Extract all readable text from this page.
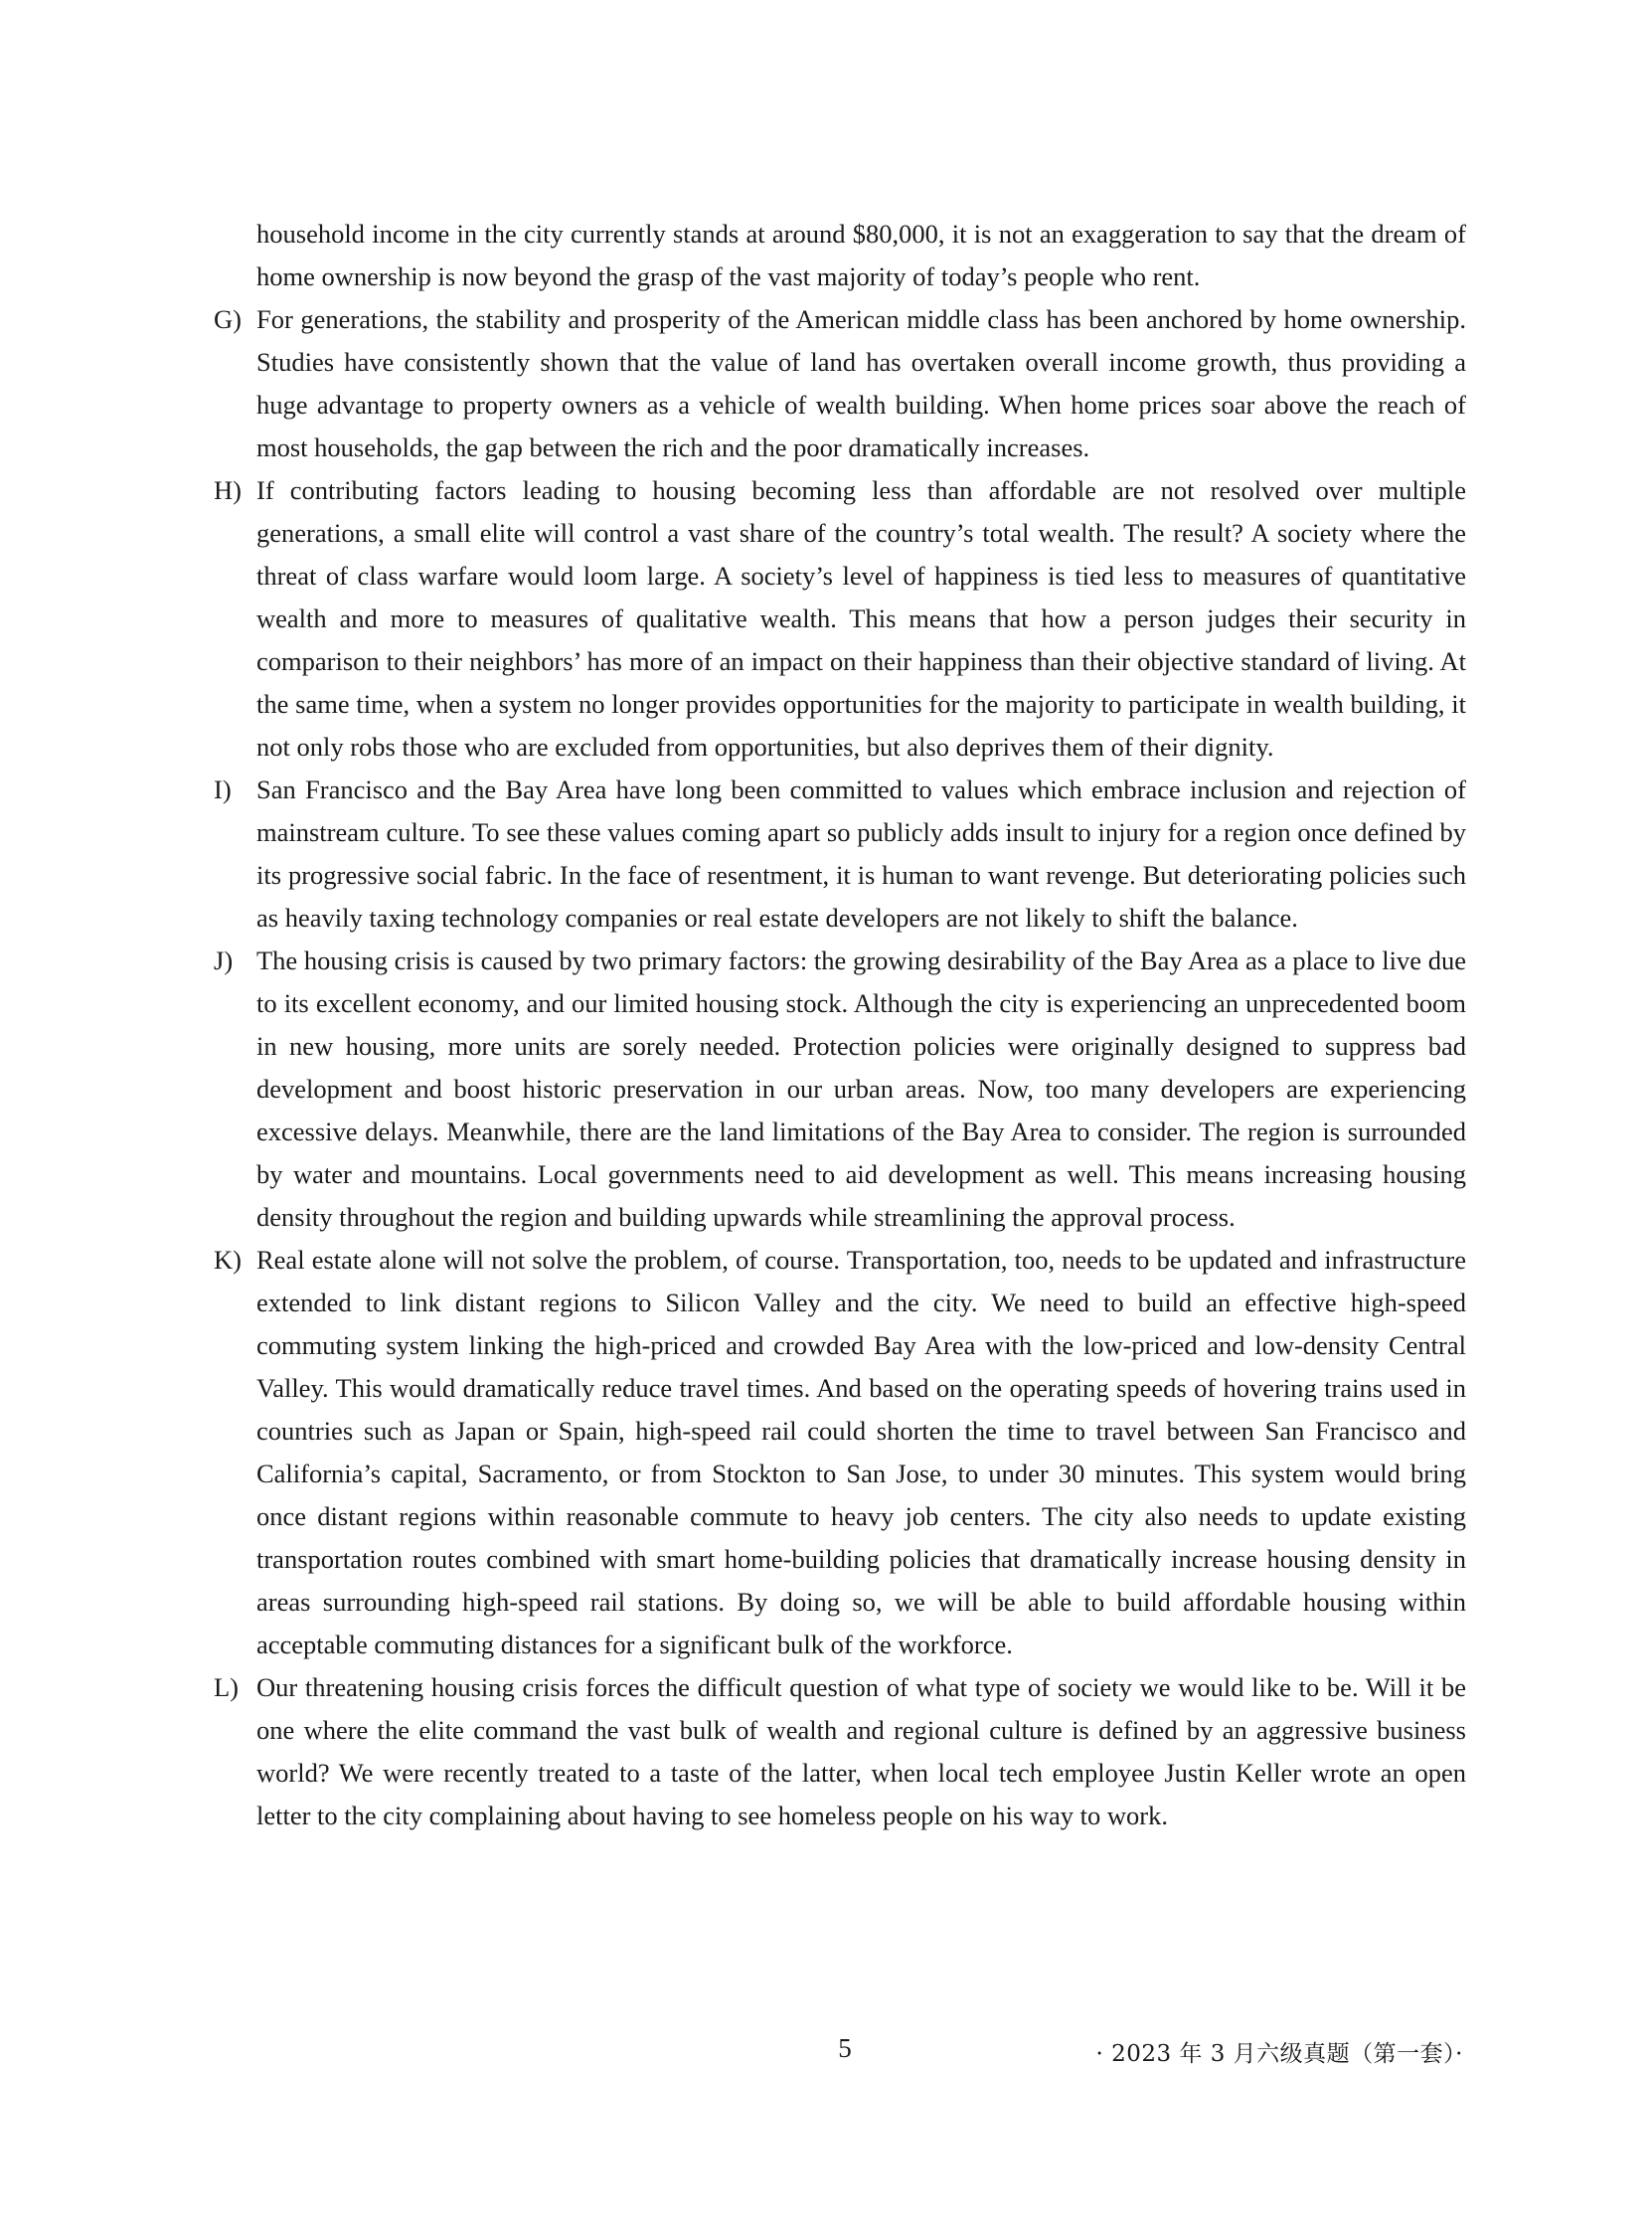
household income in the city currently stands at around $80,000, it is not an exaggeration to say that the dream of home ownership is now beyond the grasp of the vast majority of today’s people who rent.

G) For generations, the stability and prosperity of the American middle class has been anchored by home ownership. Studies have consistently shown that the value of land has overtaken overall income growth, thus providing a huge advantage to property owners as a vehicle of wealth building. When home prices soar above the reach of most households, the gap between the rich and the poor dramatically increases.

H) If contributing factors leading to housing becoming less than affordable are not resolved over multiple generations, a small elite will control a vast share of the country’s total wealth. The result? A society where the threat of class warfare would loom large. A society’s level of happiness is tied less to measures of quantitative wealth and more to measures of qualitative wealth. This means that how a person judges their security in comparison to their neighbors’ has more of an impact on their happiness than their objective standard of living. At the same time, when a system no longer provides opportunities for the majority to participate in wealth building, it not only robs those who are excluded from opportunities, but also deprives them of their dignity.

I) San Francisco and the Bay Area have long been committed to values which embrace inclusion and rejection of mainstream culture. To see these values coming apart so publicly adds insult to injury for a region once defined by its progressive social fabric. In the face of resentment, it is human to want revenge. But deteriorating policies such as heavily taxing technology companies or real estate developers are not likely to shift the balance.

J) The housing crisis is caused by two primary factors: the growing desirability of the Bay Area as a place to live due to its excellent economy, and our limited housing stock. Although the city is experiencing an unprecedented boom in new housing, more units are sorely needed. Protection policies were originally designed to suppress bad development and boost historic preservation in our urban areas. Now, too many developers are experiencing excessive delays. Meanwhile, there are the land limitations of the Bay Area to consider. The region is surrounded by water and mountains. Local governments need to aid development as well. This means increasing housing density throughout the region and building upwards while streamlining the approval process.

K) Real estate alone will not solve the problem, of course. Transportation, too, needs to be updated and infrastructure extended to link distant regions to Silicon Valley and the city. We need to build an effective high-speed commuting system linking the high-priced and crowded Bay Area with the low-priced and low-density Central Valley. This would dramatically reduce travel times. And based on the operating speeds of hovering trains used in countries such as Japan or Spain, high-speed rail could shorten the time to travel between San Francisco and California’s capital, Sacramento, or from Stockton to San Jose, to under 30 minutes. This system would bring once distant regions within reasonable commute to heavy job centers. The city also needs to update existing transportation routes combined with smart home-building policies that dramatically increase housing density in areas surrounding high-speed rail stations. By doing so, we will be able to build affordable housing within acceptable commuting distances for a significant bulk of the workforce.

L) Our threatening housing crisis forces the difficult question of what type of society we would like to be. Will it be one where the elite command the vast bulk of wealth and regional culture is defined by an aggressive business world? We were recently treated to a taste of the latter, when local tech employee Justin Keller wrote an open letter to the city complaining about having to see homeless people on his way to work.

5	· 2023 年 3 月六级真题（第一套）·
